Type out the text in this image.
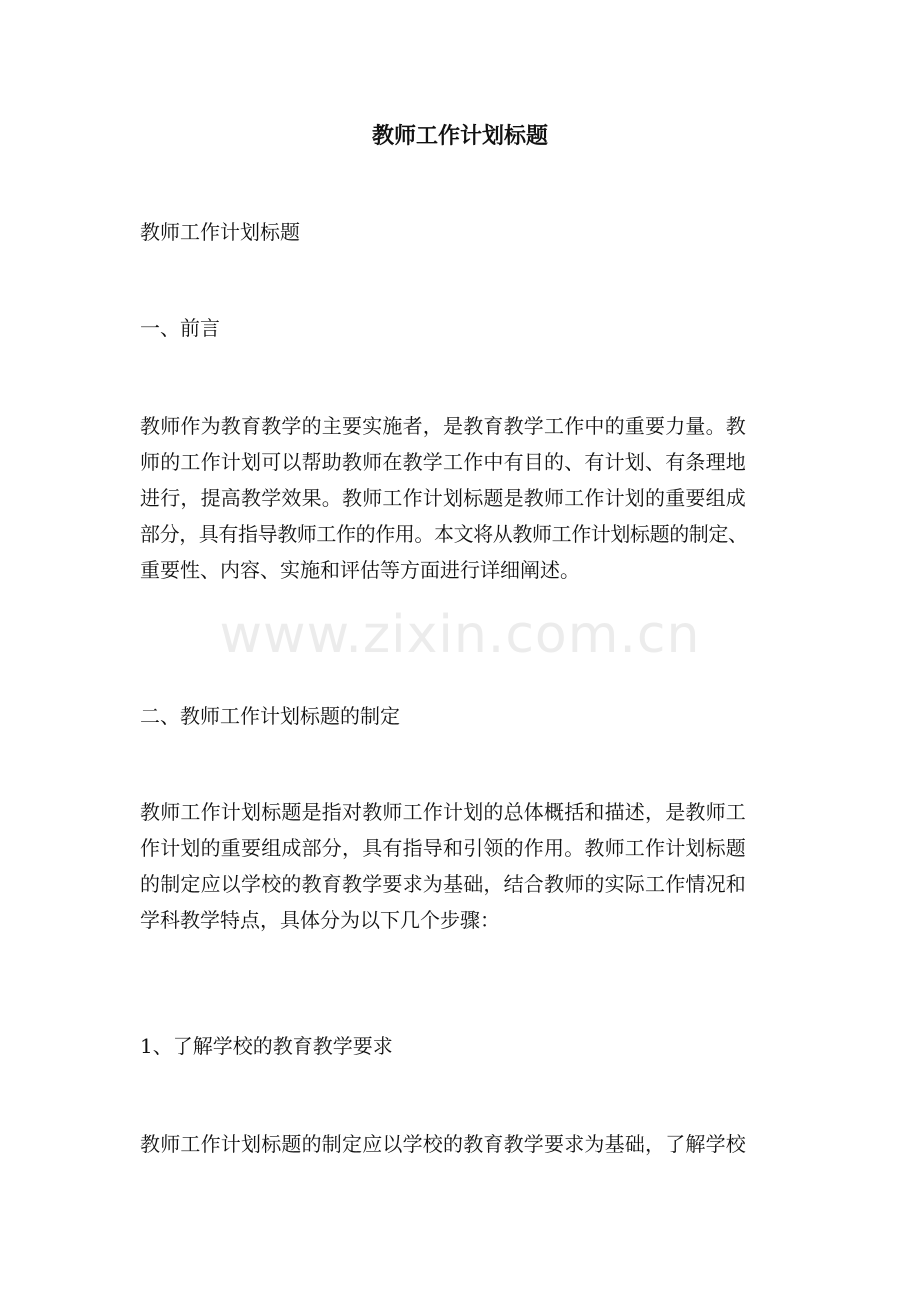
教师工作计划标题

教师工作计划标题

一、前言

教师作为教育教学的主要实施者，是教育教学工作中的重要力量。教
师的工作计划可以帮助教师在教学工作中有目的、有计划、有条理地
进行，提高教学效果。教师工作计划标题是教师工作计划的重要组成
部分，具有指导教师工作的作用。本文将从教师工作计划标题的制定、
重要性、内容、实施和评估等方面进行详细阐述。

二、教师工作计划标题的制定

教师工作计划标题是指对教师工作计划的总体概括和描述，是教师工
作计划的重要组成部分，具有指导和引领的作用。教师工作计划标题
的制定应以学校的教育教学要求为基础，结合教师的实际工作情况和
学科教学特点，具体分为以下几个步骤：

1、了解学校的教育教学要求

教师工作计划标题的制定应以学校的教育教学要求为基础，了解学校
www.zixin.com.cn
